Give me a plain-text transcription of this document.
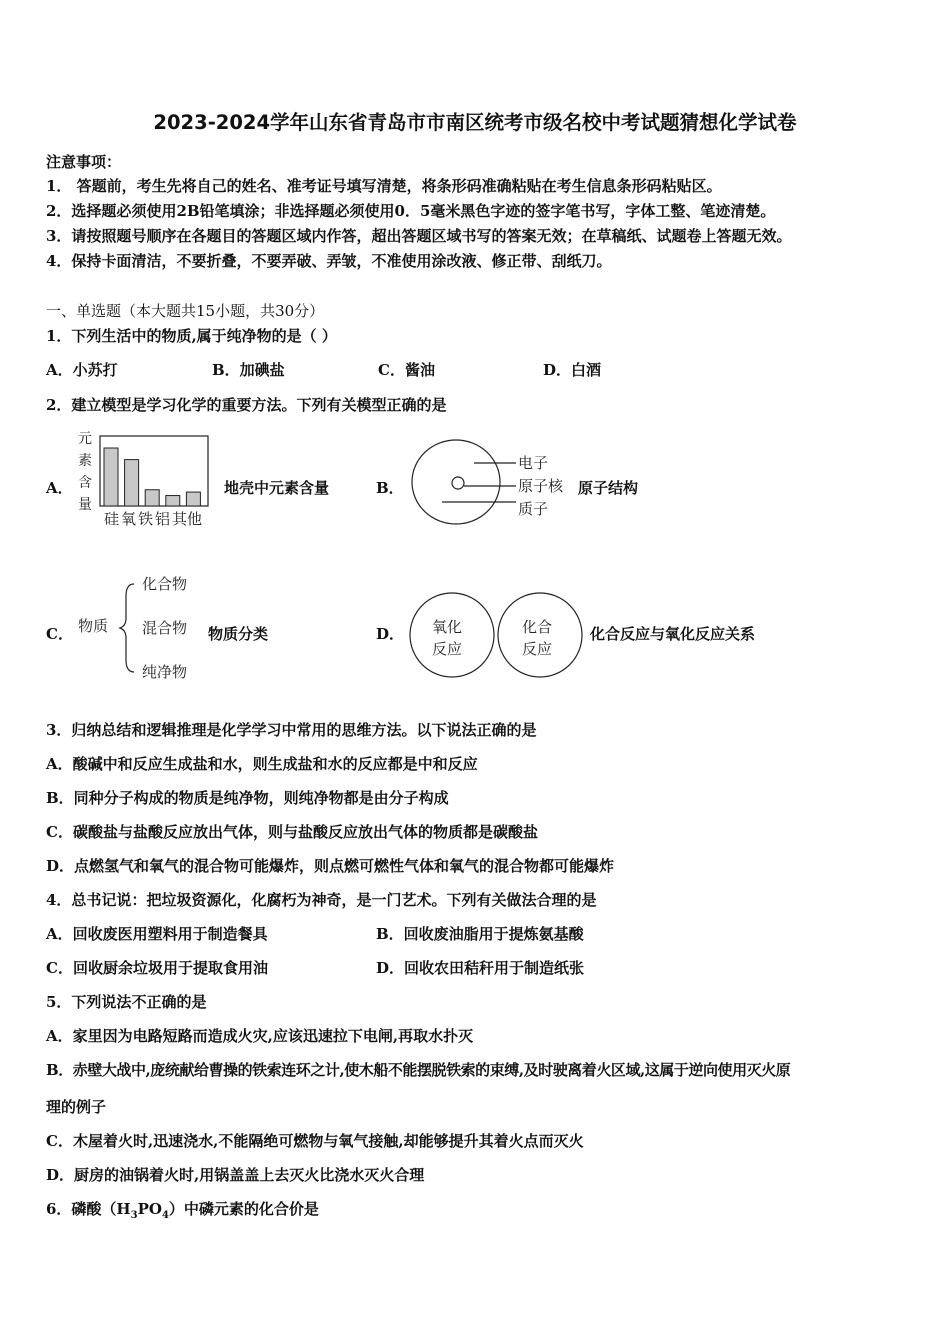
2023-2024学年山东省青岛市市南区统考市级名校中考试题猜想化学试卷
注意事项：
1． 答题前，考生先将自己的姓名、准考证号填写清楚，将条形码准确粘贴在考生信息条形码粘贴区。
2．选择题必须使用2B铅笔填涂；非选择题必须使用0．5毫米黑色字迹的签字笔书写，字体工整、笔迹清楚。
3．请按照题号顺序在各题目的答题区域内作答，超出答题区域书写的答案无效；在草稿纸、试题卷上答题无效。
4．保持卡面清洁，不要折叠，不要弄破、弄皱，不准使用涂改液、修正带、刮纸刀。
一、单选题（本大题共15小题，共30分）
1．下列生活中的物质,属于纯净物的是（ ）
A．小苏打	B．加碘盐	C．酱油	D．白酒
2．建立模型是学习化学的重要方法。下列有关模型正确的是
A．
元
素
含
量
硅 氧 铁 铝 其他
地壳中元素含量	B．
电子
原子核
质子
原子结构
C． 物质
化合物
混合物
纯净物
物质分类	D． 氧化
反应
化合
反应
化合反应与氧化反应关系
3．归纳总结和逻辑推理是化学学习中常用的思维方法。以下说法正确的是
A．酸碱中和反应生成盐和水，则生成盐和水的反应都是中和反应
B．同种分子构成的物质是纯净物，则纯净物都是由分子构成
C．碳酸盐与盐酸反应放出气体，则与盐酸反应放出气体的物质都是碳酸盐
D．点燃氢气和氧气的混合物可能爆炸，则点燃可燃性气体和氧气的混合物都可能爆炸
4．总书记说：把垃圾资源化，化腐朽为神奇，是一门艺术。下列有关做法合理的是
A．回收废医用塑料用于制造餐具	B．回收废油脂用于提炼氨基酸
C．回收厨余垃圾用于提取食用油	D．回收农田秸秆用于制造纸张
5．下列说法不正确的是
A．家里因为电路短路而造成火灾,应该迅速拉下电闸,再取水扑灭
B．赤壁大战中,庞统献给曹操的铁索连环之计,使木船不能摆脱铁索的束缚,及时驶离着火区域,这属于逆向使用灭火原
理的例子
C．木屋着火时,迅速浇水,不能隔绝可燃物与氧气接触,却能够提升其着火点而灭火
D．厨房的油锅着火时,用锅盖盖上去灭火比浇水灭火合理
6．磷酸$(H_3PO_4)$中磷元素的化合价是
